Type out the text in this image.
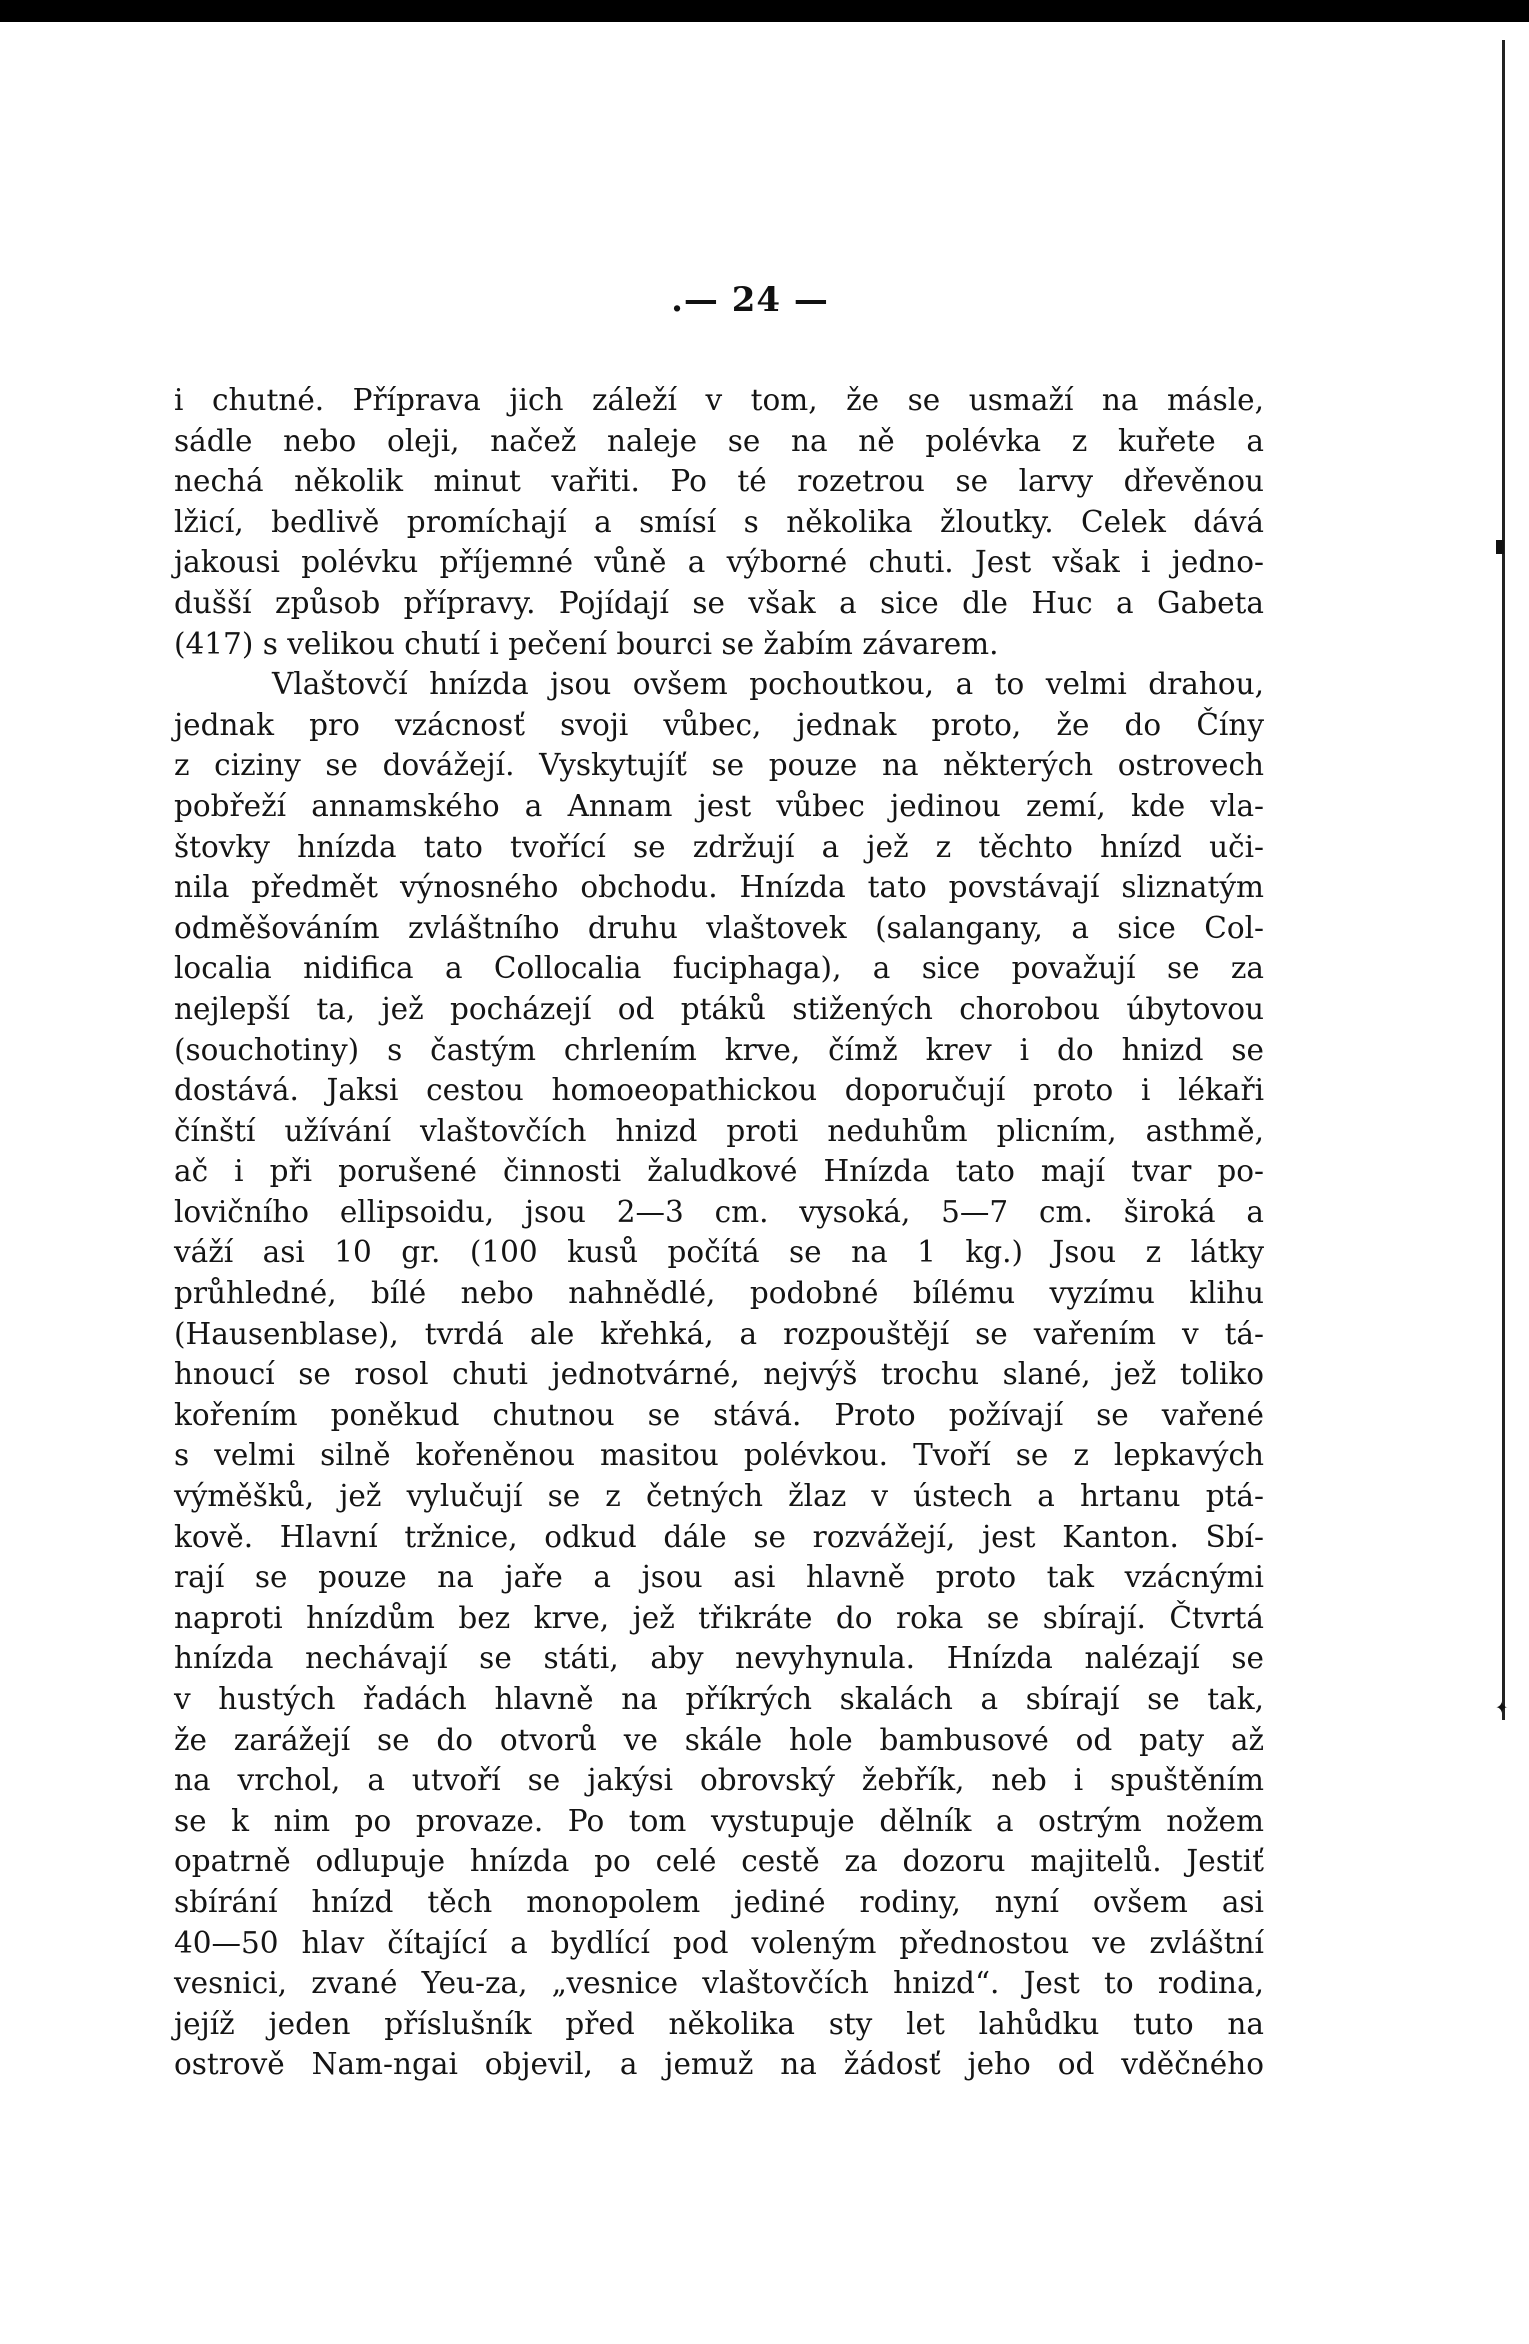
✦
.— 24 —
i chutné. Příprava jich záleží v tom, že se usmaží na másle,
sádle nebo oleji, načež naleje se na ně polévka z kuřete a
nechá několik minut vařiti. Po té rozetrou se larvy dřevěnou
lžicí, bedlivě promíchají a smísí s několika žloutky. Celek dává
jakousi polévku příjemné vůně a výborné chuti. Jest však i jedno-
dušší způsob přípravy. Pojídají se však a sice dle Huc a Gabeta
(417) s velikou chutí i pečení bourci se žabím závarem.
Vlaštovčí hnízda jsou ovšem pochoutkou, a to velmi drahou,
jednak pro vzácnosť svoji vůbec, jednak proto, že do Číny
z ciziny se dovážejí. Vyskytujíť se pouze na některých ostrovech
pobřeží annamského a Annam jest vůbec jedinou zemí, kde vla-
štovky hnízda tato tvořící se zdržují a jež z těchto hnízd uči-
nila předmět výnosného obchodu. Hnízda tato povstávají sliznatým
odměšováním zvláštního druhu vlaštovek (salangany, a sice Col-
localia nidifica a Collocalia fuciphaga), a sice považují se za
nejlepší ta, jež pocházejí od ptáků stižených chorobou úbytovou
(souchotiny) s častým chrlením krve, čímž krev i do hnizd se
dostává. Jaksi cestou homoeopathickou doporučují proto i lékaři
čínští užívání vlaštovčích hnizd proti neduhům plicním, asthmě,
ač i při porušené činnosti žaludkové Hnízda tato mají tvar po-
lovičního ellipsoidu, jsou 2—3 cm. vysoká, 5—7 cm. široká a
váží asi 10 gr. (100 kusů počítá se na 1 kg.) Jsou z látky
průhledné, bílé nebo nahnědlé, podobné bílému vyzímu klihu
(Hausenblase), tvrdá ale křehká, a rozpouštějí se vařením v tá-
hnoucí se rosol chuti jednotvárné, nejvýš trochu slané, jež toliko
kořením poněkud chutnou se stává. Proto požívají se vařené
s velmi silně kořeněnou masitou polévkou. Tvoří se z lepkavých
výměšků, jež vylučují se z četných žlaz v ústech a hrtanu ptá-
kově. Hlavní tržnice, odkud dále se rozvážejí, jest Kanton. Sbí-
rají se pouze na jaře a jsou asi hlavně proto tak vzácnými
naproti hnízdům bez krve, jež třikráte do roka se sbírají. Čtvrtá
hnízda nechávají se státi, aby nevyhynula. Hnízda nalézají se
v hustých řadách hlavně na příkrých skalách a sbírají se tak,
že zarážejí se do otvorů ve skále hole bambusové od paty až
na vrchol, a utvoří se jakýsi obrovský žebřík, neb i spuštěním
se k nim po provaze. Po tom vystupuje dělník a ostrým nožem
opatrně odlupuje hnízda po celé cestě za dozoru majitelů. Jestiť
sbírání hnízd těch monopolem jediné rodiny, nyní ovšem asi
40—50 hlav čítající a bydlící pod voleným přednostou ve zvláštní
vesnici, zvané Yeu-za, „vesnice vlaštovčích hnizd“. Jest to rodina,
jejíž jeden příslušník před několika sty let lahůdku tuto na
ostrově Nam-ngai objevil, a jemuž na žádosť jeho od vděčného
